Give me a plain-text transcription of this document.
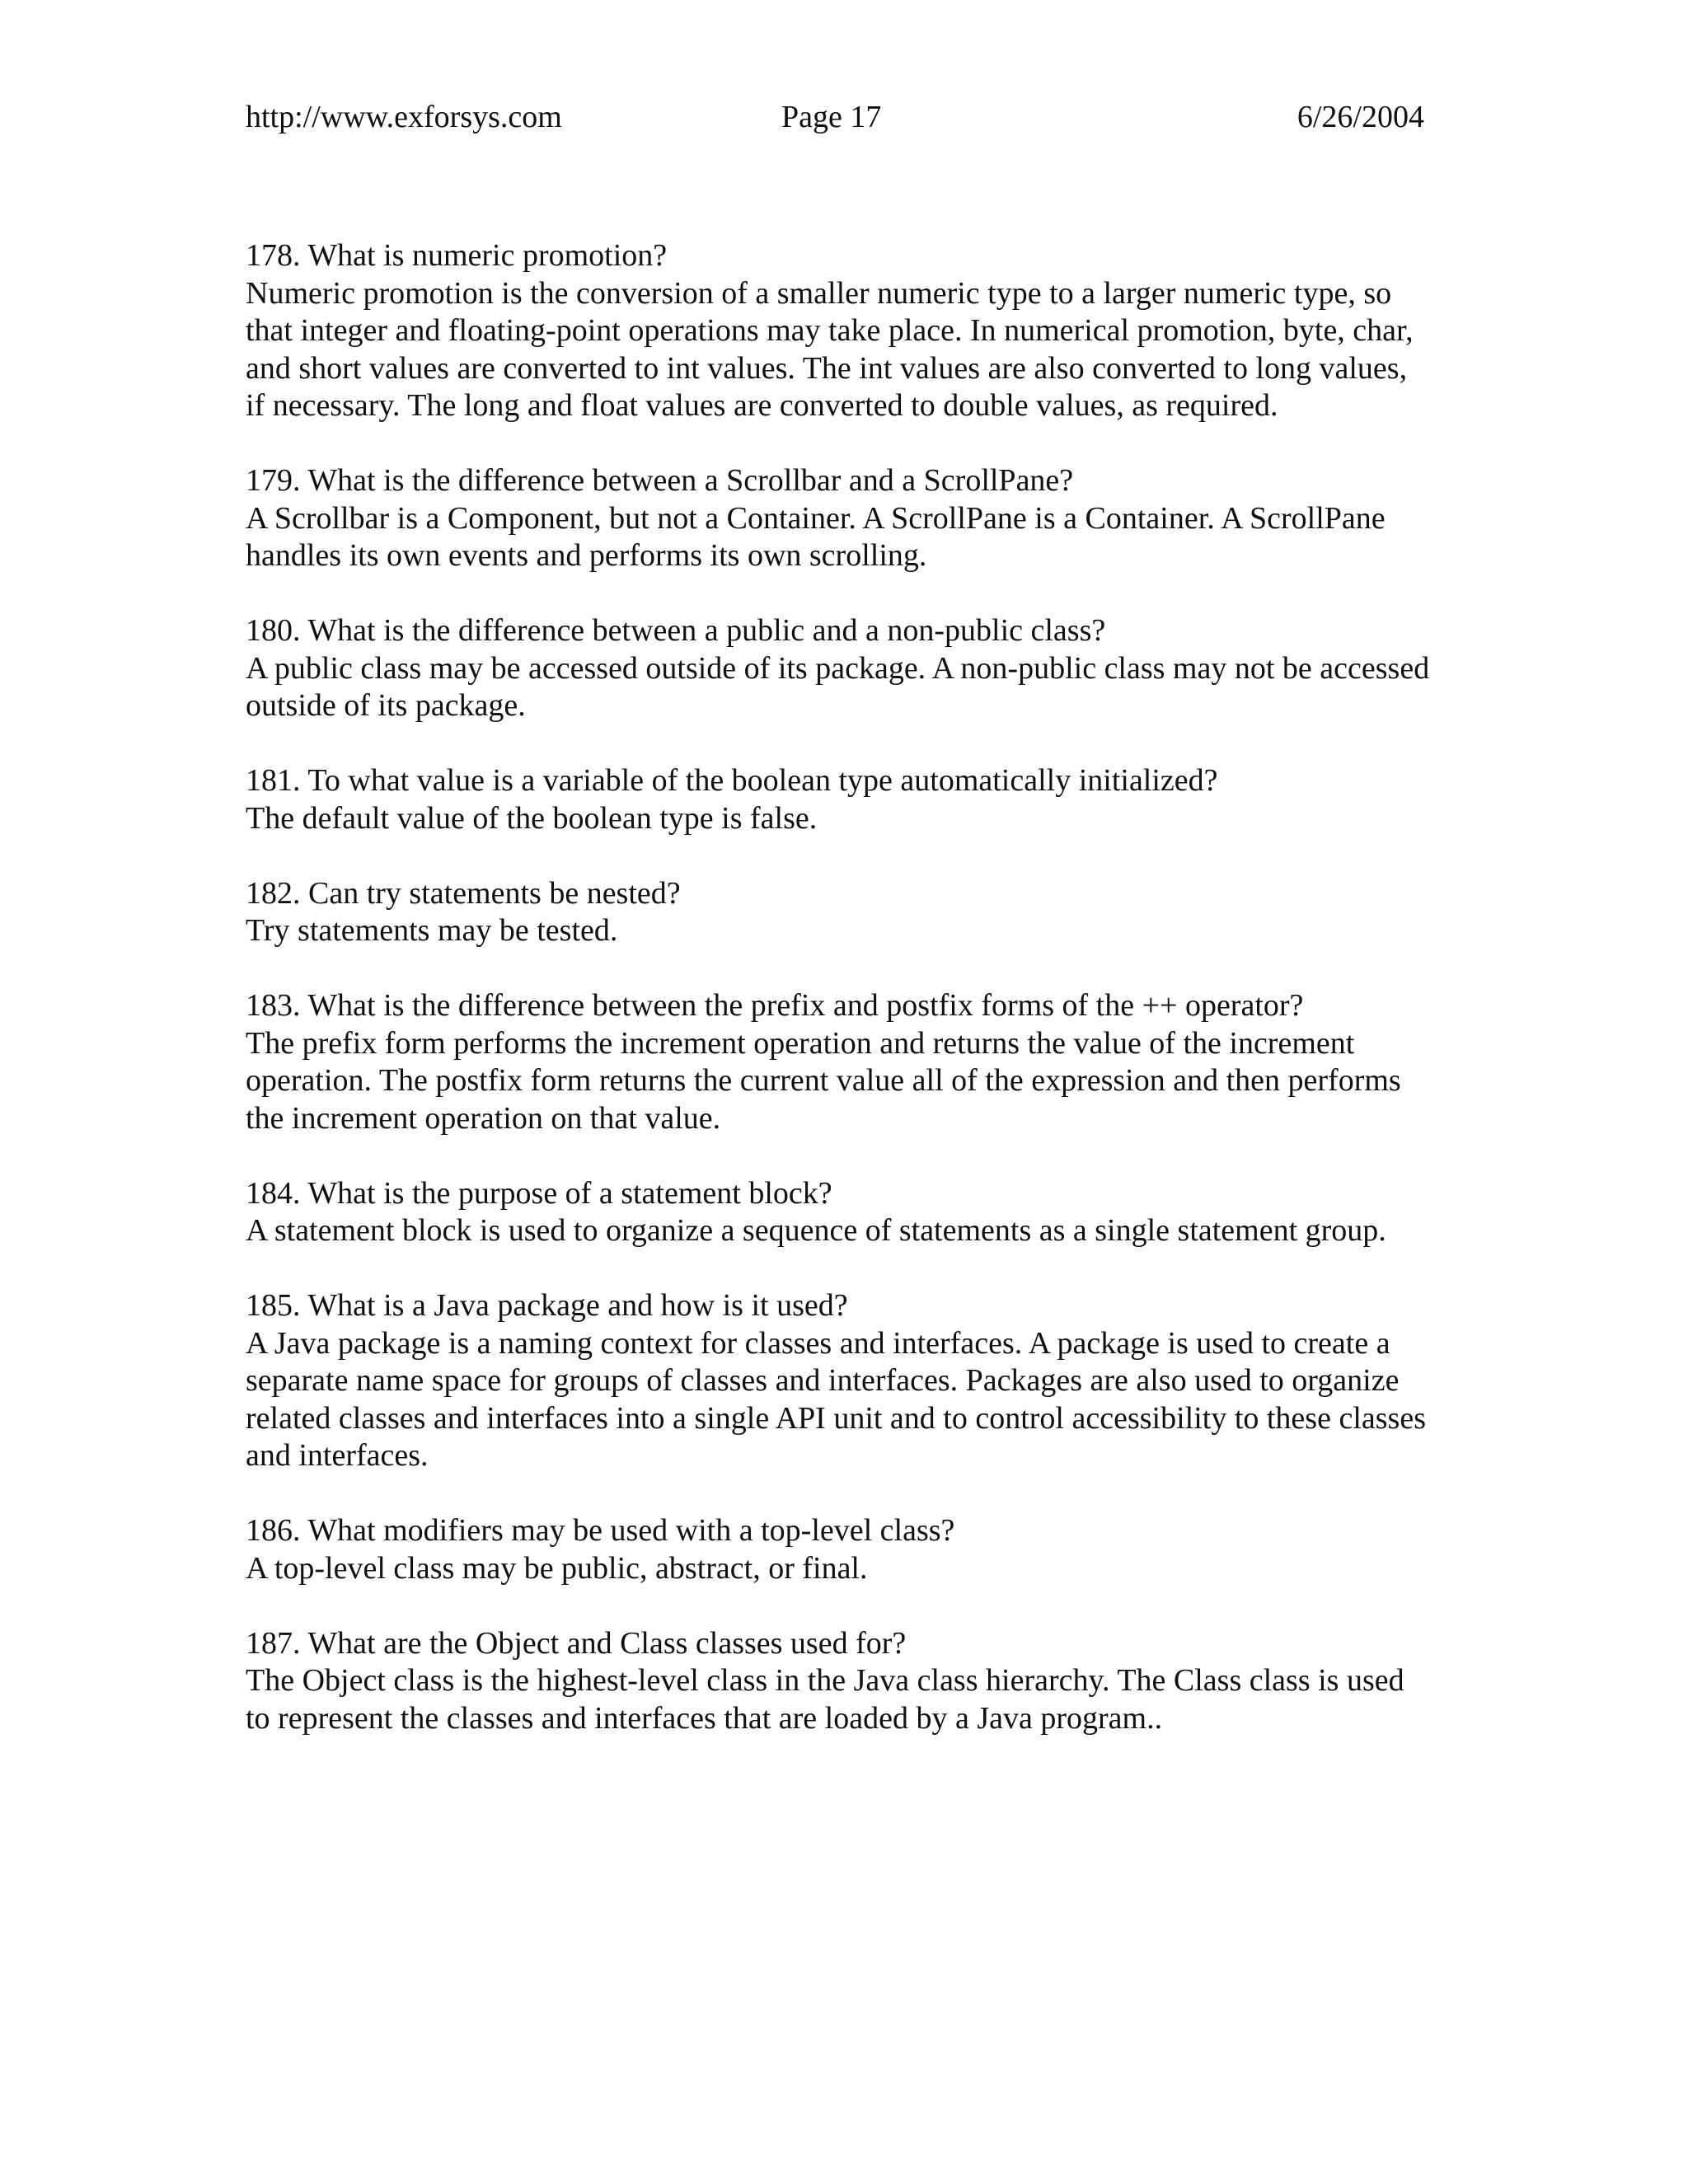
http://www.exforsys.com	Page 17	6/26/2004

178. What is numeric promotion?

Numeric promotion is the conversion of a smaller numeric type to a larger numeric type, so that integer and floating-point operations may take place. In numerical promotion, byte, char, and short values are converted to int values. The int values are also converted to long values, if necessary. The long and float values are converted to double values, as required.

179. What is the difference between a Scrollbar and a ScrollPane?

A Scrollbar is a Component, but not a Container. A ScrollPane is a Container. A ScrollPane handles its own events and performs its own scrolling.

180. What is the difference between a public and a non-public class?

A public class may be accessed outside of its package. A non-public class may not be accessed outside of its package.

181. To what value is a variable of the boolean type automatically initialized?

The default value of the boolean type is false.

182. Can try statements be nested?

Try statements may be tested.

183. What is the difference between the prefix and postfix forms of the ++ operator?

The prefix form performs the increment operation and returns the value of the increment operation. The postfix form returns the current value all of the expression and then performs the increment operation on that value.

184. What is the purpose of a statement block?

A statement block is used to organize a sequence of statements as a single statement group.

185. What is a Java package and how is it used?

A Java package is a naming context for classes and interfaces. A package is used to create a separate name space for groups of classes and interfaces. Packages are also used to organize related classes and interfaces into a single API unit and to control accessibility to these classes and interfaces.

186. What modifiers may be used with a top-level class?

A top-level class may be public, abstract, or final.

187. What are the Object and Class classes used for?

The Object class is the highest-level class in the Java class hierarchy. The Class class is used to represent the classes and interfaces that are loaded by a Java program..
